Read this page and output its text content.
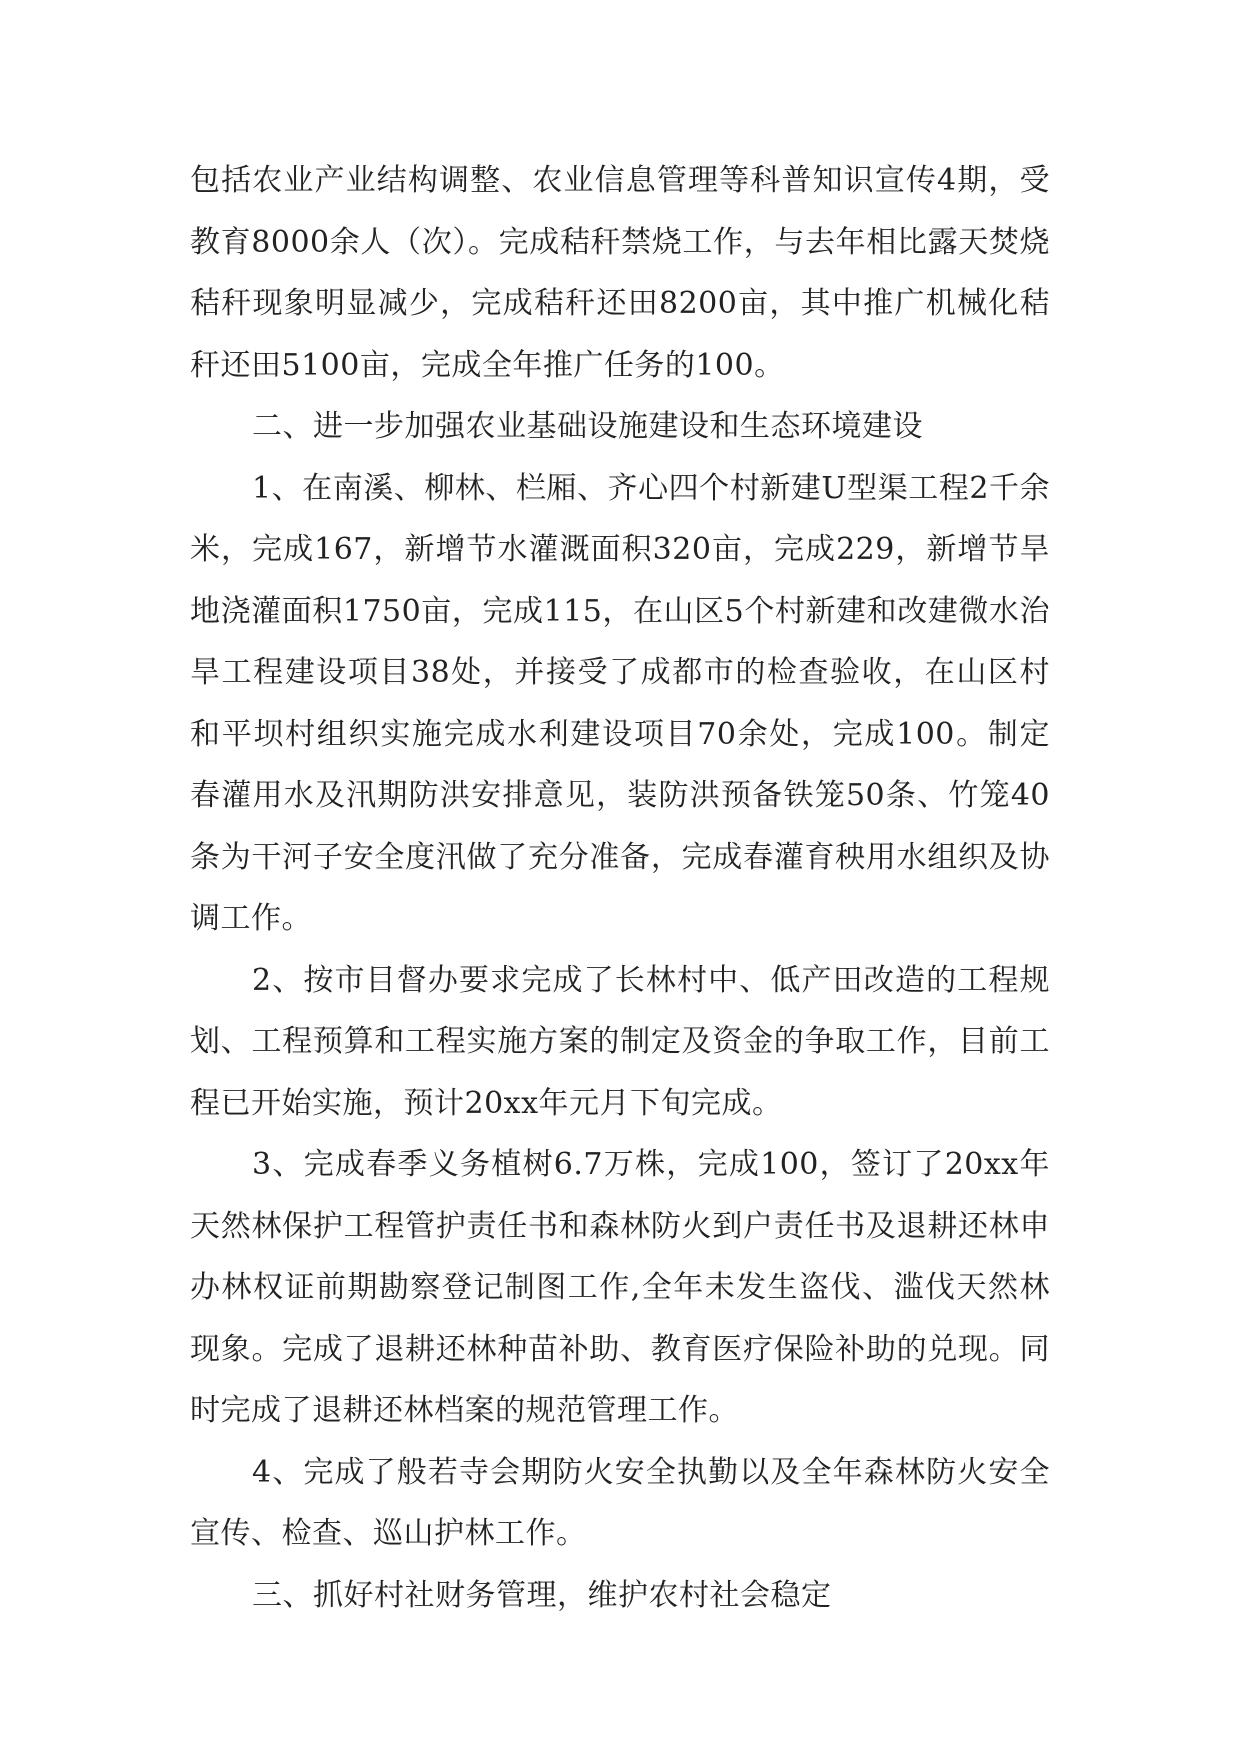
包括农业产业结构调整、农业信息管理等科普知识宣传4期，受教育8000余人（次）。完成秸秆禁烧工作，与去年相比露天焚烧秸秆现象明显减少，完成秸秆还田8200亩，其中推广机械化秸秆还田5100亩，完成全年推广任务的100。

二、进一步加强农业基础设施建设和生态环境建设

1、在南溪、柳林、栏厢、齐心四个村新建U型渠工程2千余米，完成167，新增节水灌溉面积320亩，完成229，新增节旱地浇灌面积1750亩，完成115，在山区5个村新建和改建微水治旱工程建设项目38处，并接受了成都市的检查验收，在山区村和平坝村组织实施完成水利建设项目70余处，完成100。制定春灌用水及汛期防洪安排意见，装防洪预备铁笼50条、竹笼40条为干河子安全度汛做了充分准备，完成春灌育秧用水组织及协调工作。

2、按市目督办要求完成了长林村中、低产田改造的工程规划、工程预算和工程实施方案的制定及资金的争取工作，目前工程已开始实施，预计20xx年元月下旬完成。

3、完成春季义务植树6.7万株，完成100，签订了20xx年天然林保护工程管护责任书和森林防火到户责任书及退耕还林申办林权证前期勘察登记制图工作,全年未发生盗伐、滥伐天然林现象。完成了退耕还林种苗补助、教育医疗保险补助的兑现。同时完成了退耕还林档案的规范管理工作。

4、完成了般若寺会期防火安全执勤以及全年森林防火安全宣传、检查、巡山护林工作。

三、抓好村社财务管理，维护农村社会稳定
